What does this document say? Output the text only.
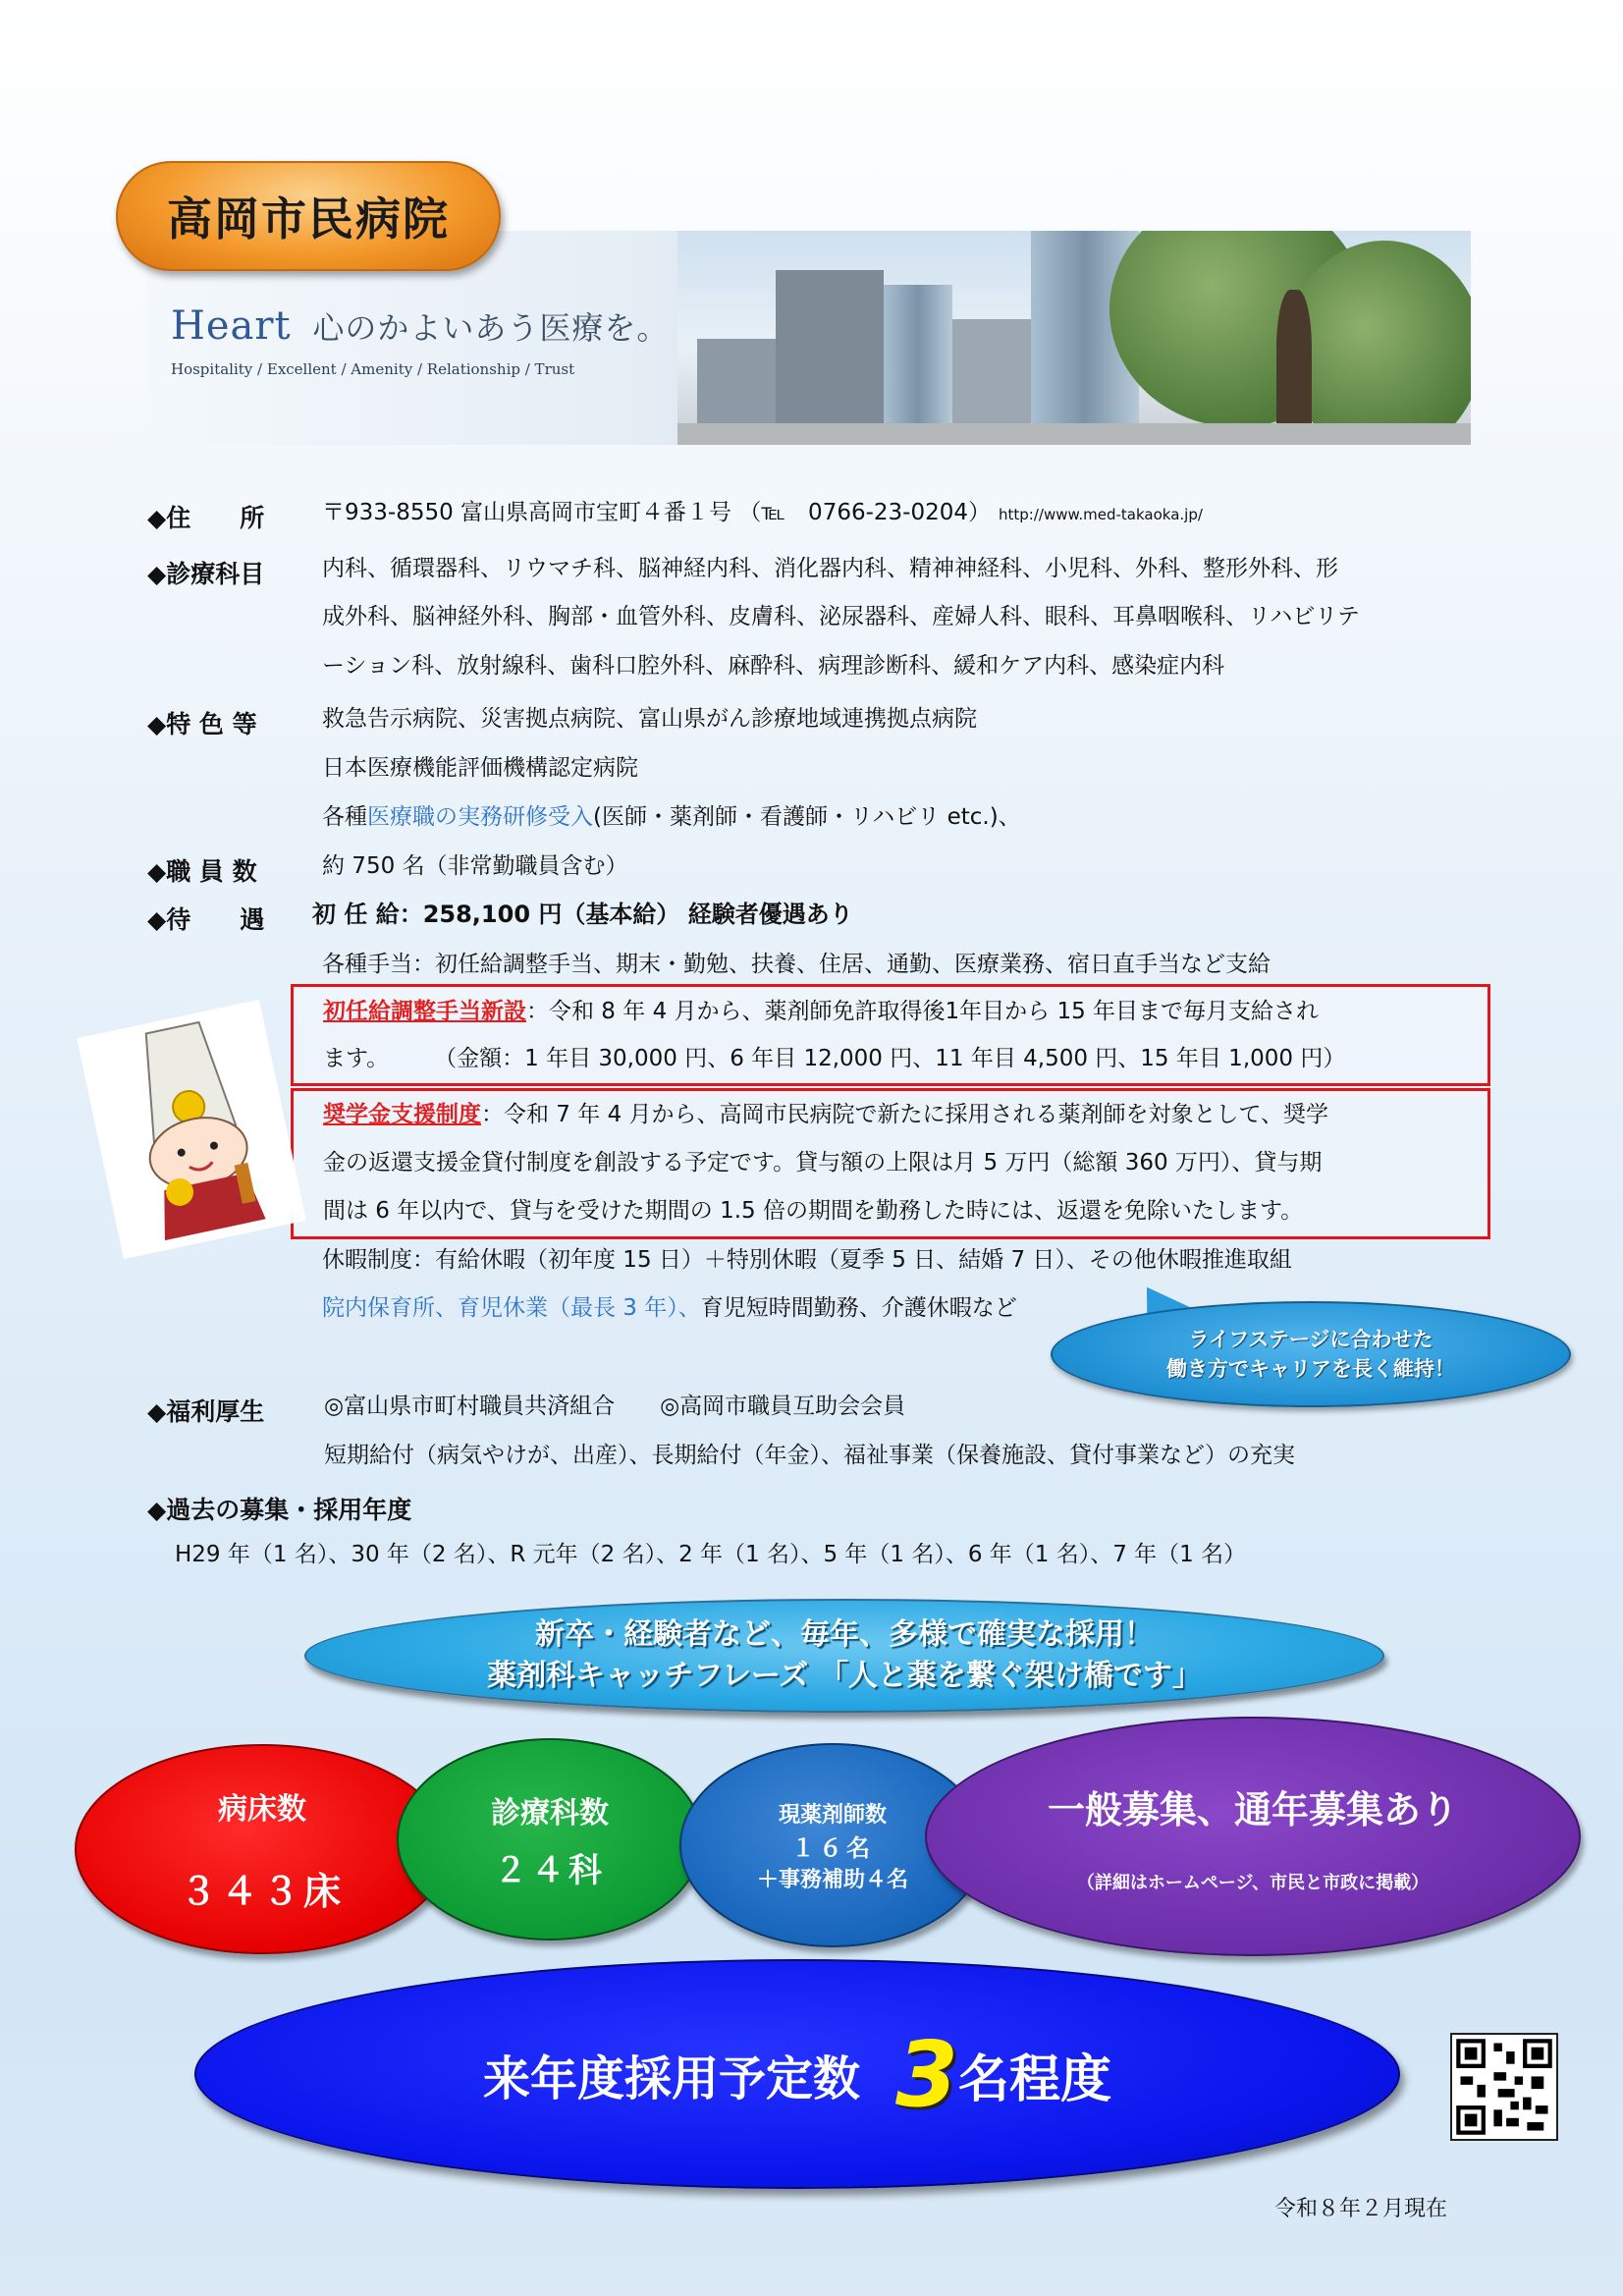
Heart 心のかよいあう医療を。
Hospitality / Excellent / Amenity / Relationship / Trust
高岡市民病院
◆住　　所	〒933-8550 富山県高岡市宝町４番１号 （℡　0766-23-0204） http://www.med-takaoka.jp/
◆診療科目	内科、循環器科、リウマチ科、脳神経内科、消化器内科、精神神経科、小児科、外科、整形外科、形
成外科、脳神経外科、胸部・血管外科、皮膚科、泌尿器科、産婦人科、眼科、耳鼻咽喉科、リハビリテ
ーション科、放射線科、歯科口腔外科、麻酔科、病理診断科、緩和ケア内科、感染症内科
◆特 色 等	救急告示病院、災害拠点病院、富山県がん診療地域連携拠点病院
日本医療機能評価機構認定病院
各種医療職の実務研修受入(医師・薬剤師・看護師・リハビリ etc.)、
◆職 員 数	約 750 名（非常勤職員含む）
◆待　　遇 初 任 給：258,100 円（基本給） 経験者優遇あり
各種手当：初任給調整手当、期末・勤勉、扶養、住居、通勤、医療業務、宿日直手当など支給
初任給調整手当新設：令和 8 年 4 月から、薬剤師免許取得後1年目から 15 年目まで毎月支給され
ます。　　　（金額：1 年目 30,000 円、6 年目 12,000 円、11 年目 4,500 円、15 年目 1,000 円）
奨学金支援制度：令和 7 年 4 月から、高岡市民病院で新たに採用される薬剤師を対象として、奨学
金の返還支援金貸付制度を創設する予定です。貸与額の上限は月 5 万円（総額 360 万円）、貸与期
間は 6 年以内で、貸与を受けた期間の 1.5 倍の期間を勤務した時には、返還を免除いたします。
休暇制度：有給休暇（初年度 15 日）＋特別休暇（夏季 5 日、結婚 7 日）、その他休暇推進取組
院内保育所、育児休業（最長 3 年）、育児短時間勤務、介護休暇など
ライフステージに合わせた
働き方でキャリアを長く維持！
◆福利厚生	◎富山県市町村職員共済組合　　◎高岡市職員互助会会員
短期給付（病気やけが、出産）、長期給付（年金）、福祉事業（保養施設、貸付事業など）の充実
◆過去の募集・採用年度
H29 年（1 名）、30 年（2 名）、R 元年（2 名）、2 年（1 名）、5 年（1 名）、6 年（1 名）、7 年（1 名）
新卒・経験者など、毎年、多様で確実な採用！
薬剤科キャッチフレーズ 「人と薬を繋ぐ架け橋です」
病床数
３４３床
診療科数
２４科
現薬剤師数
１６名
＋事務補助４名
一般募集、通年募集あり
（詳細はホームページ、市民と市政に掲載）
来年度採用予定数 3 名程度
令和８年２月現在
